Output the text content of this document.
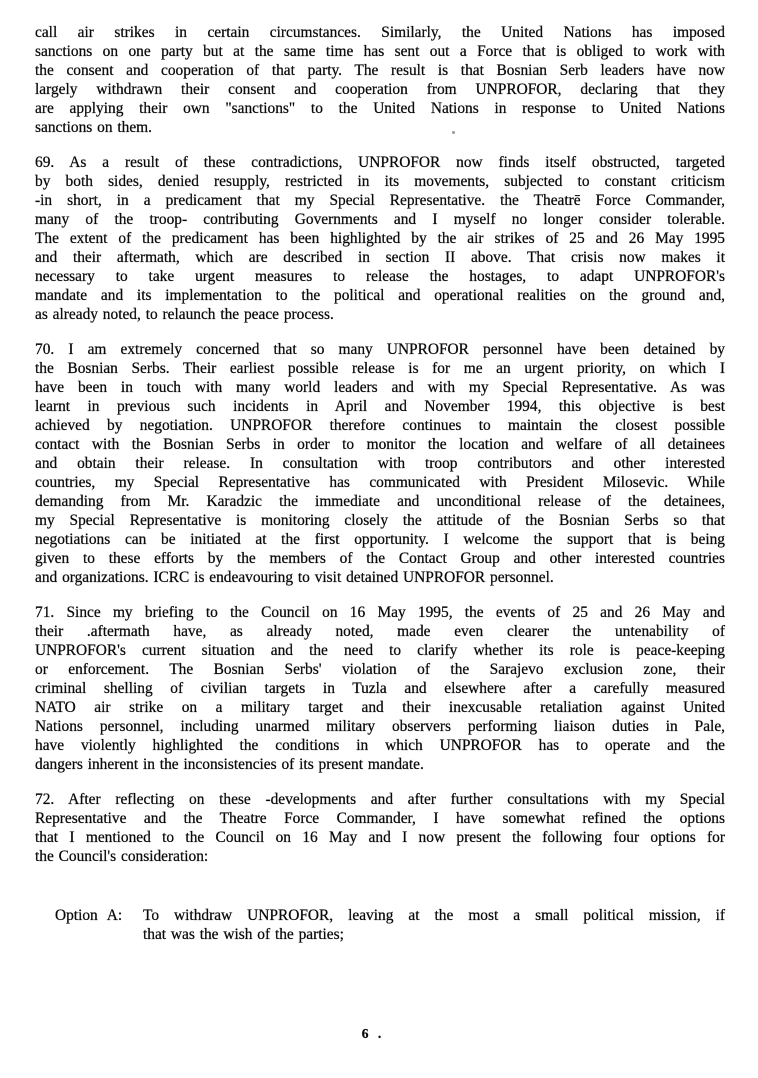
call air strikes in certain circumstances. Similarly, the United Nations has imposed
sanctions on one party but at the same time has sent out a Force that is obliged to work with
the consent and cooperation of that party. The result is that Bosnian Serb leaders have now
largely withdrawn their consent and cooperation from UNPROFOR, declaring that they
are applying their own "sanctions" to the United Nations in response to United Nations
sanctions on them.
69. As a result of these contradictions, UNPROFOR now finds itself obstructed, targeted
by both sides, denied resupply, restricted in its movements, subjected to constant criticism
-in short, in a predicament that my Special Representative. the Theatrē Force Commander,
many of the troop- contributing Governments and I myself no longer consider tolerable.
The extent of the predicament has been highlighted by the air strikes of 25 and 26 May 1995
and their aftermath, which are described in section II above. That crisis now makes it
necessary to take urgent measures to release the hostages, to adapt UNPROFOR's
mandate and its implementation to the political and operational realities on the ground and,
as already noted, to relaunch the peace process.
70. I am extremely concerned that so many UNPROFOR personnel have been detained by
the Bosnian Serbs. Their earliest possible release is for me an urgent priority, on which I
have been in touch with many world leaders and with my Special Representative. As was
learnt in previous such incidents in April and November 1994, this objective is best
achieved by negotiation. UNPROFOR therefore continues to maintain the closest possible
contact with the Bosnian Serbs in order to monitor the location and welfare of all detainees
and obtain their release. In consultation with troop contributors and other interested
countries, my Special Representative has communicated with President Milosevic. While
demanding from Mr. Karadzic the immediate and unconditional release of the detainees,
my Special Representative is monitoring closely the attitude of the Bosnian Serbs so that
negotiations can be initiated at the first opportunity. I welcome the support that is being
given to these efforts by the members of the Contact Group and other interested countries
and organizations. ICRC is endeavouring to visit detained UNPROFOR personnel.
71. Since my briefing to the Council on 16 May 1995, the events of 25 and 26 May and
their .aftermath have, as already noted, made even clearer the untenability of
UNPROFOR's current situation and the need to clarify whether its role is peace-keeping
or enforcement. The Bosnian Serbs' violation of the Sarajevo exclusion zone, their
criminal shelling of civilian targets in Tuzla and elsewhere after a carefully measured
NATO air strike on a military target and their inexcusable retaliation against United
Nations personnel, including unarmed military observers performing liaison duties in Pale,
have violently highlighted the conditions in which UNPROFOR has to operate and the
dangers inherent in the inconsistencies of its present mandate.
72. After reflecting on these -developments and after further consultations with my Special
Representative and the Theatre Force Commander, I have somewhat refined the options
that I mentioned to the Council on 16 May and I now present the following four options for
the Council's consideration:
Option A:	To withdraw UNPROFOR, leaving at the most a small political mission, if
that was the wish of the parties;
6 .
